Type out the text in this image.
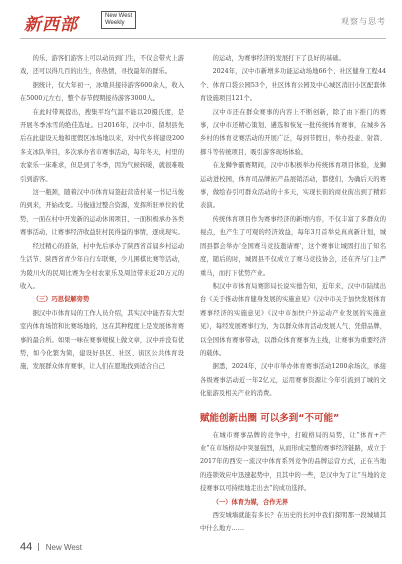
新西部	New West
Weekly	观察与思考

的乐，游客们游客上可以动员到门生，不仅会带火上游戏，还可以得几百的出生，你热情，寻找最年的群乐。

据统计，仅大年初一，冰墩具接待游客600余人，收入在5000元左右，整个春节假期接待游客3000人。

在此时带观提出，搜集平均气温不能以20摄氏度，是开展冬季冰雪的绝佳选址。日2016年，汉中市、留坝县先后在此建设天地和度假区冰场地以来，对中代乡将建设200多支冰队举目，多次承办省市赛事活动，每年冬天，村里的农家乐一床难求，但是到了冬季，因为气候转暖，就很难吸引到游客。

这一瓶颈，随着汉中市体育局签赶营造村某一书记马俊的到来，开始改变。马俊通过整合资源，发挥所驻单位的优势，一面在村中开发新的运动休闲项目，一面积极承办各类赛事活动，让赛事经济收益驻村民得益的事情，逐成现实。

经过精心的准备，村中先后承办了陕西省首届乡村运动生活节、陕西省青少年自行车联赛，少儿围棋比赛等活动，为陵川火的民周比赛为全村农家乐及周边带来近20万元的收入。

（三）巧思促解旁势

据汉中市体育局的工作人员介绍，其实汉中能否有大型室内体育场馆和比赛场地的，这在其种程度上是发展体育赛事的最合所。如果一味在赛事规模上做文章，汉中并没有优势，如今化繁为简，建设好县区、社区、街区公共体育设施，发展群众体育赛事，让人们在愿地找到适合自己

的运动，为赛事经济的发展打下了良好的基础。

2024年，汉中市新增多功能运动场地66个、社区健身工程44个、体育口袋公园53个，社区体育公园及中心城区消旧小区配套体育设施项目121个。

汉中市还在群众赛事的内容上不断创新，除了由下推门的赛事，汉中市还精心策划、遴选和恢复一批传统体育赛事，在城乡各乡村的体育竞赛活动的开展广泛，每到节假日，举办投壶、射箭、掷斗等传统项目，吸引游客现场体验。

在龙狮争霸赛期间，汉中市积极举办传统体育项目体验，龙狮运动进校园，体育司品牌拓产品展销活动，都使们，为确后天的赛事，做绘春引可群众活动的十多天，实现长街的商业街出到了精彩表演。

传统体育项目作为赛事经济的新增内容，不仅丰富了多群众的视点，也产生了可观的经济效益，每年3月首举兑真真新计划，城固县都会举办'全国赛马竞技邀请赛'，这个赛事让城固打出了知名度，随后的时，城固县不仅成立了赛马竞技协会，还在齐与门主严重马，而打下优势产业。

积汉中市体育局赛影局长说实德告知，近年来，汉中市陆续出台《关于推动体育健身发展的实施意见》《汉中市关于加快发展体育赛事经济的实施意见》《汉中市加快户外运动产业发展的实施意见》，每经发展赛事行为，为以群众体育活动发展人气、凭借品牌，以全国体育赛事带动，以群众体育赛事为主线，让赛事为重要经济的载体。

据悉，2024年，汉中市举办体育赛事活动1200余场次，承接各级赛事活动近一年2亿元，运用赛事资源让今年引流到了城的文化旅游及相关产业的消费。

赋能创新出圈 可以多到“不可能”

在城市赛事品牌的竞争中，打破格局的局势，让“体育+产业”在市场格局中突显强烈，从而形成完整的赛事经济链路，成立于2017年的西安一流汉中体育系列竞争的品牌运营方式，正在当地的连锁效应中迅速起势中，且其中的一些，是汉中为了让“当地的竞技赛事以可持续地走出去”的成功选择。

（一）体育为媒，合作无界

西安城墙就能有多长？在历史的长河中我们探明那一段城墙其中什么地方……

44 New West
